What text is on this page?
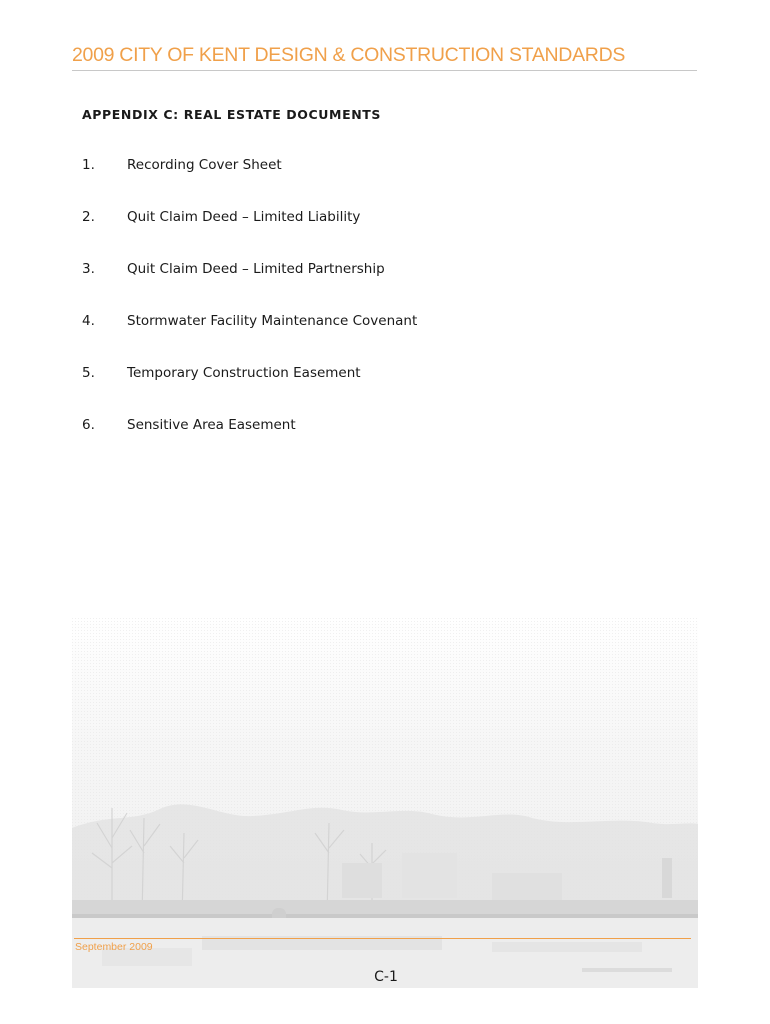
2009 CITY OF KENT DESIGN & CONSTRUCTION STANDARDS
APPENDIX C: REAL ESTATE DOCUMENTS
1. Recording Cover Sheet
2. Quit Claim Deed – Limited Liability
3. Quit Claim Deed – Limited Partnership
4. Stormwater Facility Maintenance Covenant
5. Temporary Construction Easement
6. Sensitive Area Easement
September 2009
C-1
